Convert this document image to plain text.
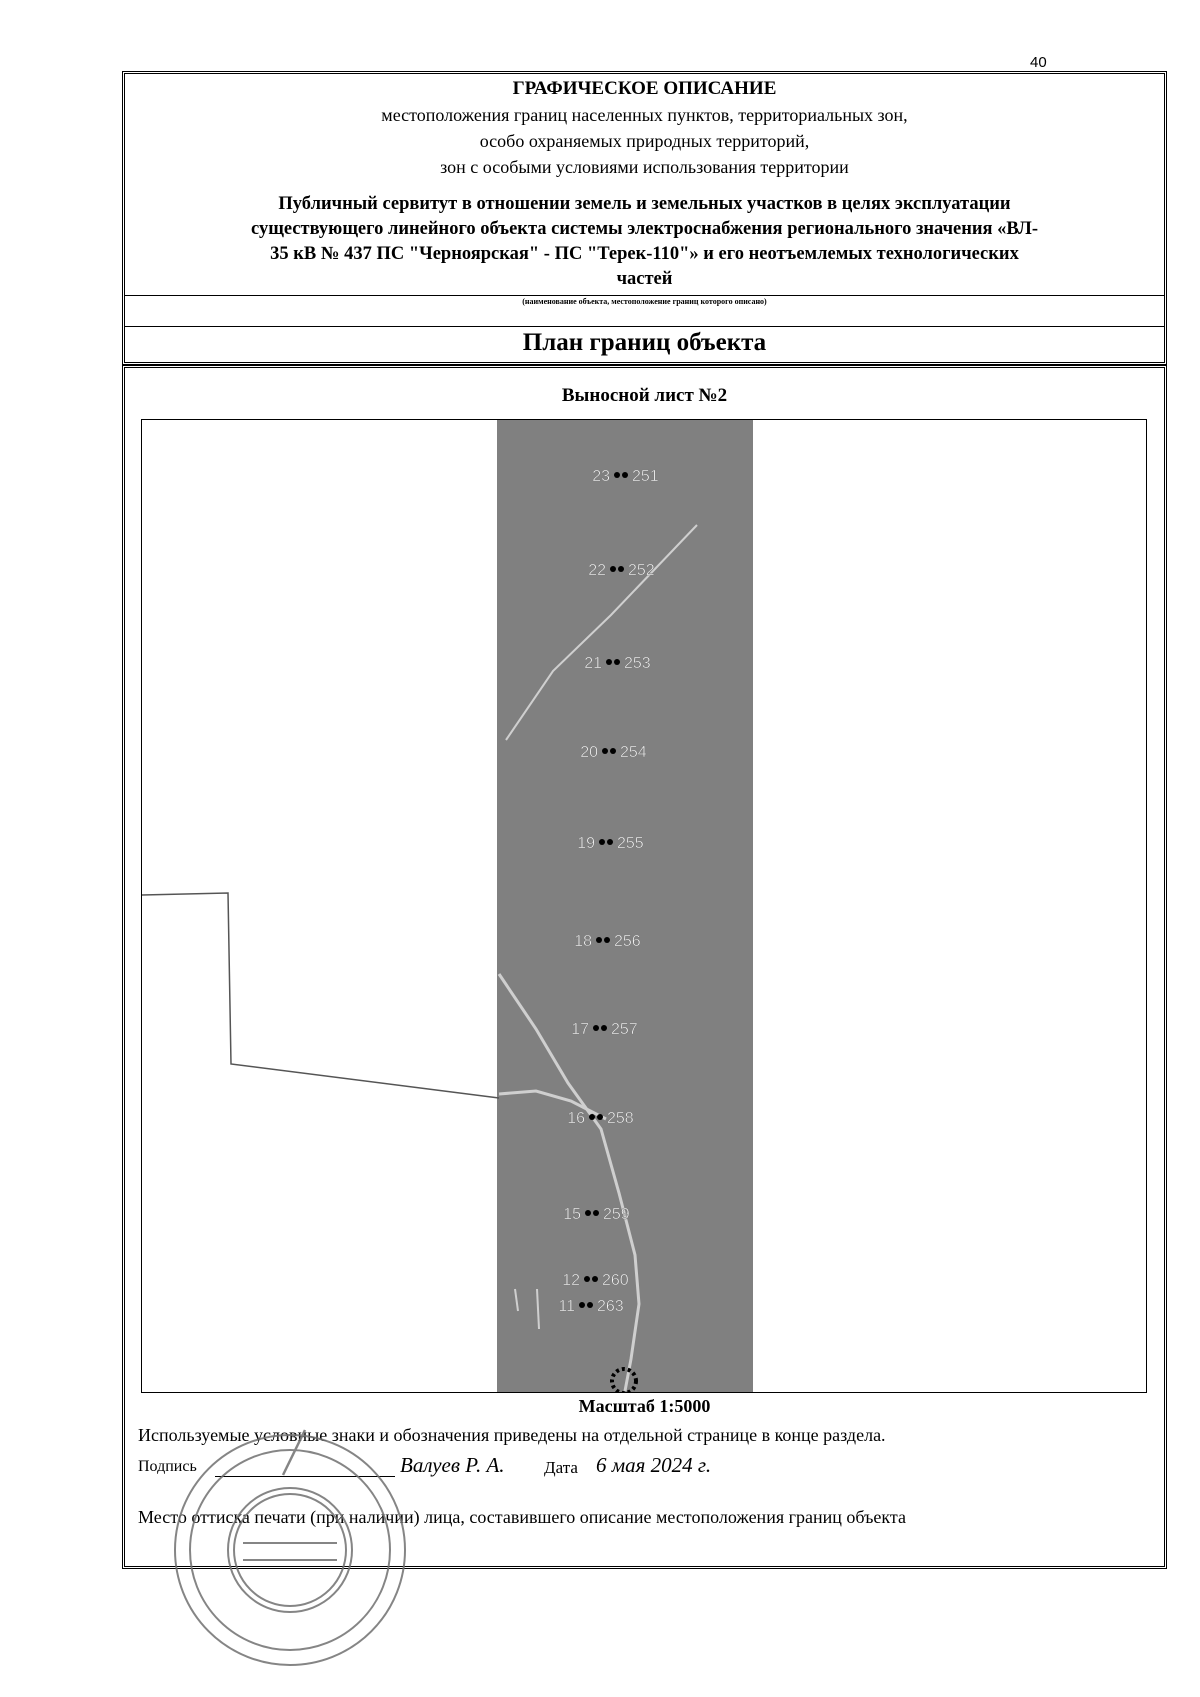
40
ГРАФИЧЕСКОЕ ОПИСАНИЕ
местоположения границ населенных пунктов, территориальных зон,
особо охраняемых природных территорий,
зон с особыми условиями использования территории
Публичный сервитут в отношении земель и земельных участков в целях эксплуатации
существующего линейного объекта системы электроснабжения регионального значения «ВЛ-
35 кВ № 437 ПС "Черноярская" - ПС "Терек-110"» и его неотъемлемых технологических
частей
(наименование объекта, местоположение границ которого описано)
План границ объекта
Выносной лист №2
23 251
22 252
21 253
20 254
19 255
18 256
17 257
16 258
15 259
12 260
11 263
Масштаб 1:5000
Используемые условные знаки и обозначения приведены на отдельной странице в конце раздела.
Подпись	Валуев Р. А. Дата 6 мая 2024 г.
Место оттиска печати (при наличии) лица, составившего описание местоположения границ объекта
